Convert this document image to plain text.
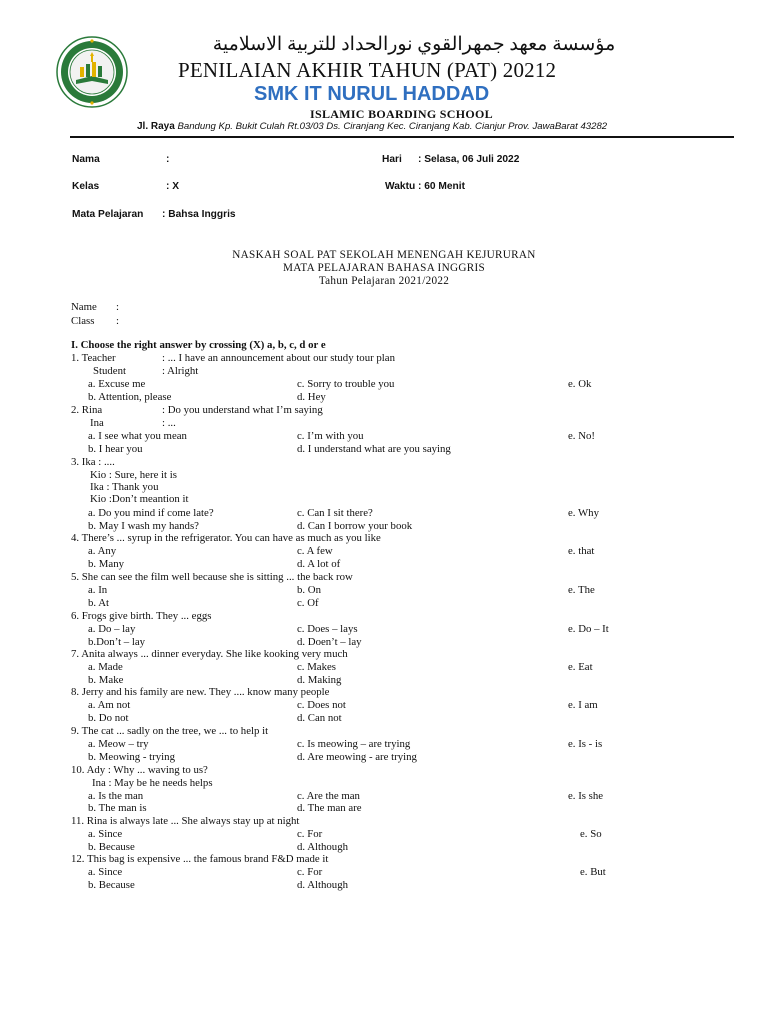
مؤسسة معهد جمهرالقوي نورالحداد للتربية الاسلامية
PENILAIAN AKHIR TAHUN (PAT) 20212
SMK IT NURUL HADDAD
ISLAMIC BOARDING SCHOOL
Jl. Raya Bandung Kp. Bukit Culah Rt.03/03 Ds. Ciranjang Kec. Ciranjang Kab. Cianjur Prov. JawaBarat 43282
Nama	:	Hari : Selasa, 06 Juli 2022
Kelas	: X	Waktu : 60 Menit
Mata Pelajaran : Bahsa Inggris
NASKAH SOAL PAT SEKOLAH MENENGAH KEJURURAN
MATA PELAJARAN BAHASA INGGRIS
Tahun Pelajaran 2021/2022
Name :
Class :
I. Choose the right answer by crossing (X) a, b, c, d or e
1. Teacher	: ... I have an announcement about our study tour plan
Student	: Alright
a. Excuse me	c. Sorry to trouble you	e. Ok
b. Attention, please	d. Hey
2. Rina	: Do you understand what I’m saying
Ina	: ...
a. I see what you mean	c. I’m with you	e. No!
b. I hear you	d. I understand what are you saying
3. Ika : ....
Kio : Sure, here it is
Ika : Thank you
Kio :Don’t meantion it
a. Do you mind if come late?	c. Can I sit there?	e. Why
b. May I wash my hands?	d. Can I borrow your book
4. There’s ... syrup in the refrigerator. You can have as much as you like
a. Any	c. A few	e. that
b. Many	d. A lot of
5. She can see the film well because she is sitting ... the back row
a. In	b. On	e. The
b. At	c. Of
6. Frogs give birth. They ... eggs
a. Do – lay	c. Does – lays	e. Do – It
b.Don’t – lay	d. Doen’t – lay
7. Anita always ... dinner everyday. She like kooking very much
a. Made	c. Makes	e. Eat
b. Make	d. Making
8. Jerry and his family are new. They .... know many people
a. Am not	c. Does not	e. I am
b. Do not	d. Can not
9. The cat ... sadly on the tree, we ... to help it
a. Meow – try	c. Is meowing – are trying	e. Is - is
b. Meowing - trying	d. Are meowing - are trying
10. Ady : Why ... waving to us?
Ina : May be he needs helps
a. Is the man	c. Are the man	e. Is she
b. The man is	d. The man are
11. Rina is always late ... She always stay up at night
a. Since	c. For	e. So
b. Because	d. Although
12. This bag is expensive ... the famous brand F&D made it
a. Since	c. For	e. But
b. Because	d. Although
